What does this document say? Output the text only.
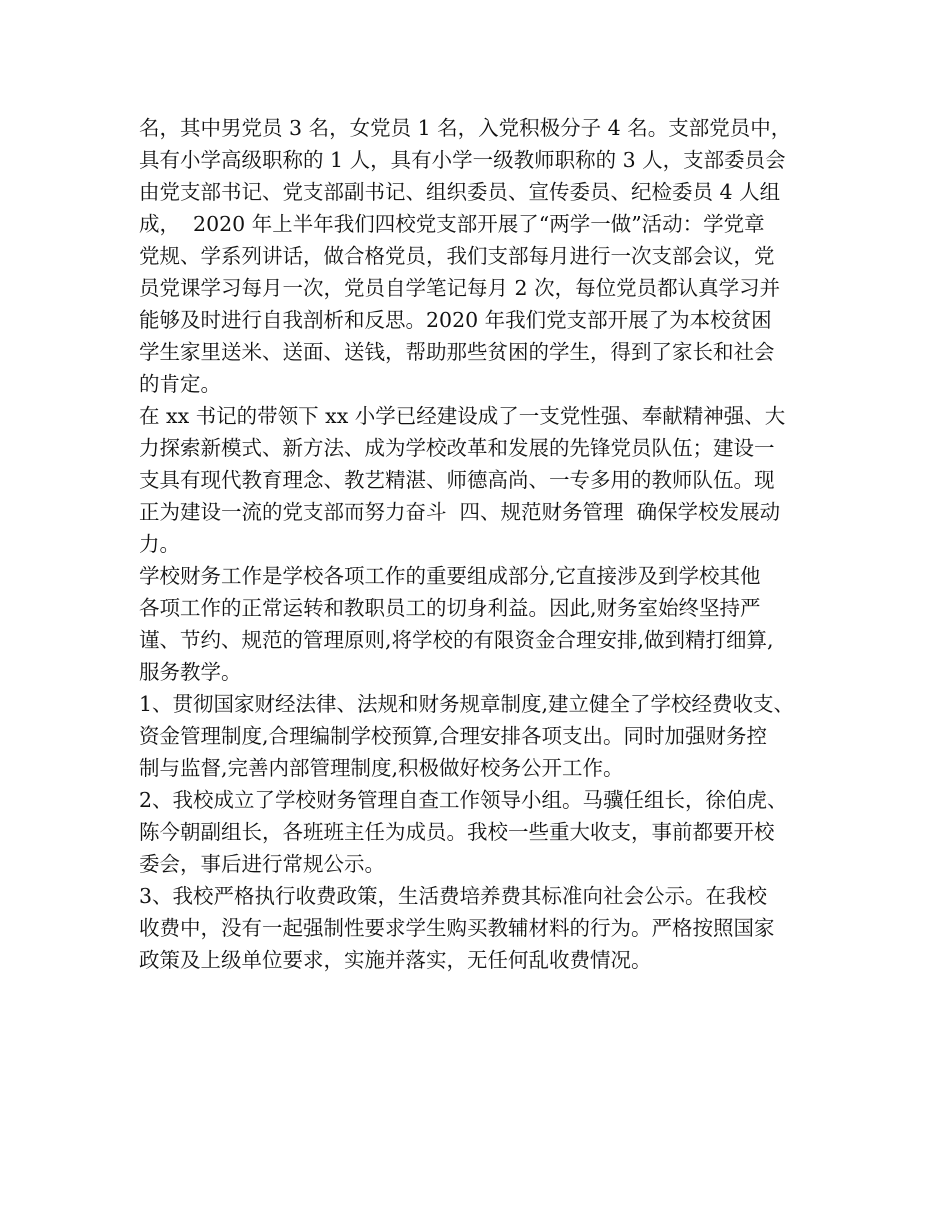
名，其中男党员 3 名，女党员 1 名，入党积极分子 4 名。支部党员中，
具有小学高级职称的 1 人，具有小学一级教师职称的 3 人，支部委员会
由党支部书记、党支部副书记、组织委员、宣传委员、纪检委员 4 人组
成，  2020 年上半年我们四校党支部开展了“两学一做”活动：学党章
党规、学系列讲话，做合格党员，我们支部每月进行一次支部会议，党
员党课学习每月一次，党员自学笔记每月 2 次，每位党员都认真学习并
能够及时进行自我剖析和反思。2020 年我们党支部开展了为本校贫困
学生家里送米、送面、送钱，帮助那些贫困的学生，得到了家长和社会
的肯定。
在 xx 书记的带领下 xx 小学已经建设成了一支党性强、奉献精神强、大
力探索新模式、新方法、成为学校改革和发展的先锋党员队伍；建设一
支具有现代教育理念、教艺精湛、师德高尚、一专多用的教师队伍。现
正为建设一流的党支部而努力奋斗  四、规范财务管理  确保学校发展动
力。
学校财务工作是学校各项工作的重要组成部分,它直接涉及到学校其他
各项工作的正常运转和教职员工的切身利益。因此,财务室始终坚持严
谨、节约、规范的管理原则,将学校的有限资金合理安排,做到精打细算,
服务教学。
1、贯彻国家财经法律、法规和财务规章制度,建立健全了学校经费收支、
资金管理制度,合理编制学校预算,合理安排各项支出。同时加强财务控
制与监督,完善内部管理制度,积极做好校务公开工作。
2、我校成立了学校财务管理自查工作领导小组。马骥任组长，徐伯虎、
陈今朝副组长，各班班主任为成员。我校一些重大收支，事前都要开校
委会，事后进行常规公示。
3、我校严格执行收费政策，生活费培养费其标准向社会公示。在我校
收费中，没有一起强制性要求学生购买教辅材料的行为。严格按照国家
政策及上级单位要求，实施并落实，无任何乱收费情况。
